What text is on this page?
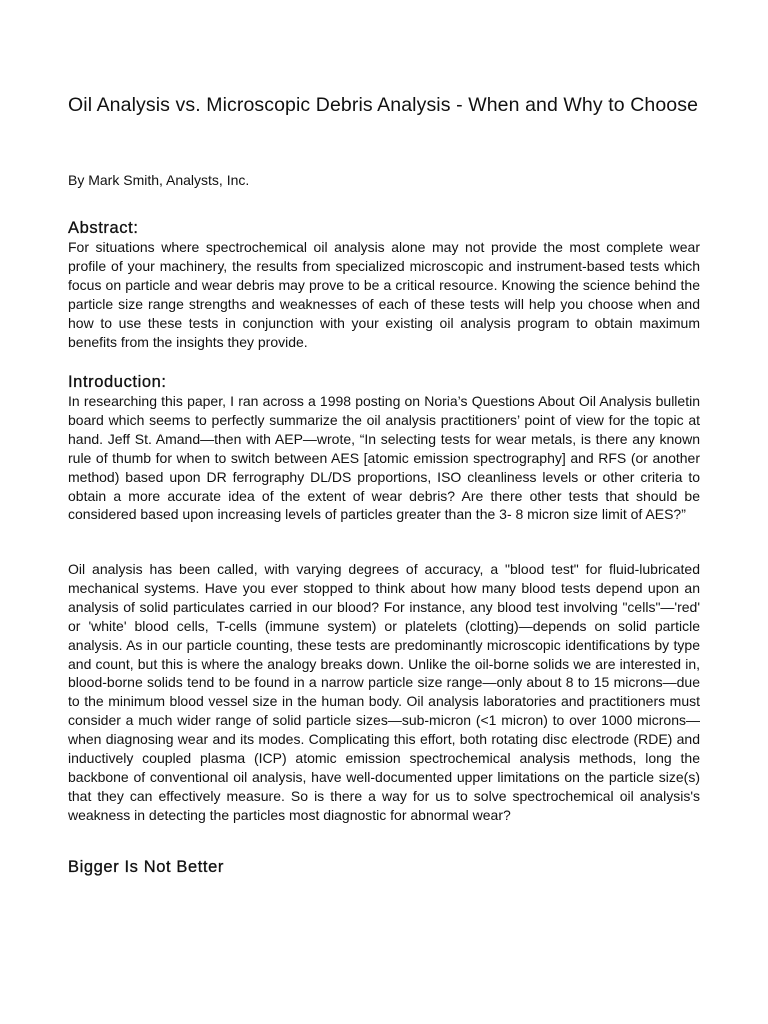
Oil Analysis vs. Microscopic Debris Analysis - When and Why to Choose

By Mark Smith, Analysts, Inc.

Abstract:

For situations where spectrochemical oil analysis alone may not provide the most complete wear profile of your machinery, the results from specialized microscopic and instrument-based tests which focus on particle and wear debris may prove to be a critical resource. Knowing the science behind the particle size range strengths and weaknesses of each of these tests will help you choose when and how to use these tests in conjunction with your existing oil analysis program to obtain maximum benefits from the insights they provide.

Introduction:

In researching this paper, I ran across a 1998 posting on Noria’s Questions About Oil Analysis bulletin board which seems to perfectly summarize the oil analysis practitioners’ point of view for the topic at hand. Jeff St. Amand—then with AEP—wrote, “In selecting tests for wear metals, is there any known rule of thumb for when to switch between AES [atomic emission spectrography] and RFS (or another method) based upon DR ferrography DL/DS proportions, ISO cleanliness levels or other criteria to obtain a more accurate idea of the extent of wear debris? Are there other tests that should be considered based upon increasing levels of particles greater than the 3- 8 micron size limit of AES?”

Oil analysis has been called, with varying degrees of accuracy, a "blood test" for fluid-lubricated mechanical systems. Have you ever stopped to think about how many blood tests depend upon an analysis of solid particulates carried in our blood? For instance, any blood test involving "cells"—'red' or 'white' blood cells, T-cells (immune system) or platelets (clotting)—depends on solid particle analysis. As in our particle counting, these tests are predominantly microscopic identifications by type and count, but this is where the analogy breaks down. Unlike the oil-borne solids we are interested in, blood-borne solids tend to be found in a narrow particle size range—only about 8 to 15 microns—due to the minimum blood vessel size in the human body. Oil analysis laboratories and practitioners must consider a much wider range of solid particle sizes—sub-micron (<1 micron) to over 1000 microns—when diagnosing wear and its modes. Complicating this effort, both rotating disc electrode (RDE) and inductively coupled plasma (ICP) atomic emission spectrochemical analysis methods, long the backbone of conventional oil analysis, have well-documented upper limitations on the particle size(s) that they can effectively measure. So is there a way for us to solve spectrochemical oil analysis's weakness in detecting the particles most diagnostic for abnormal wear?

Bigger Is Not Better
